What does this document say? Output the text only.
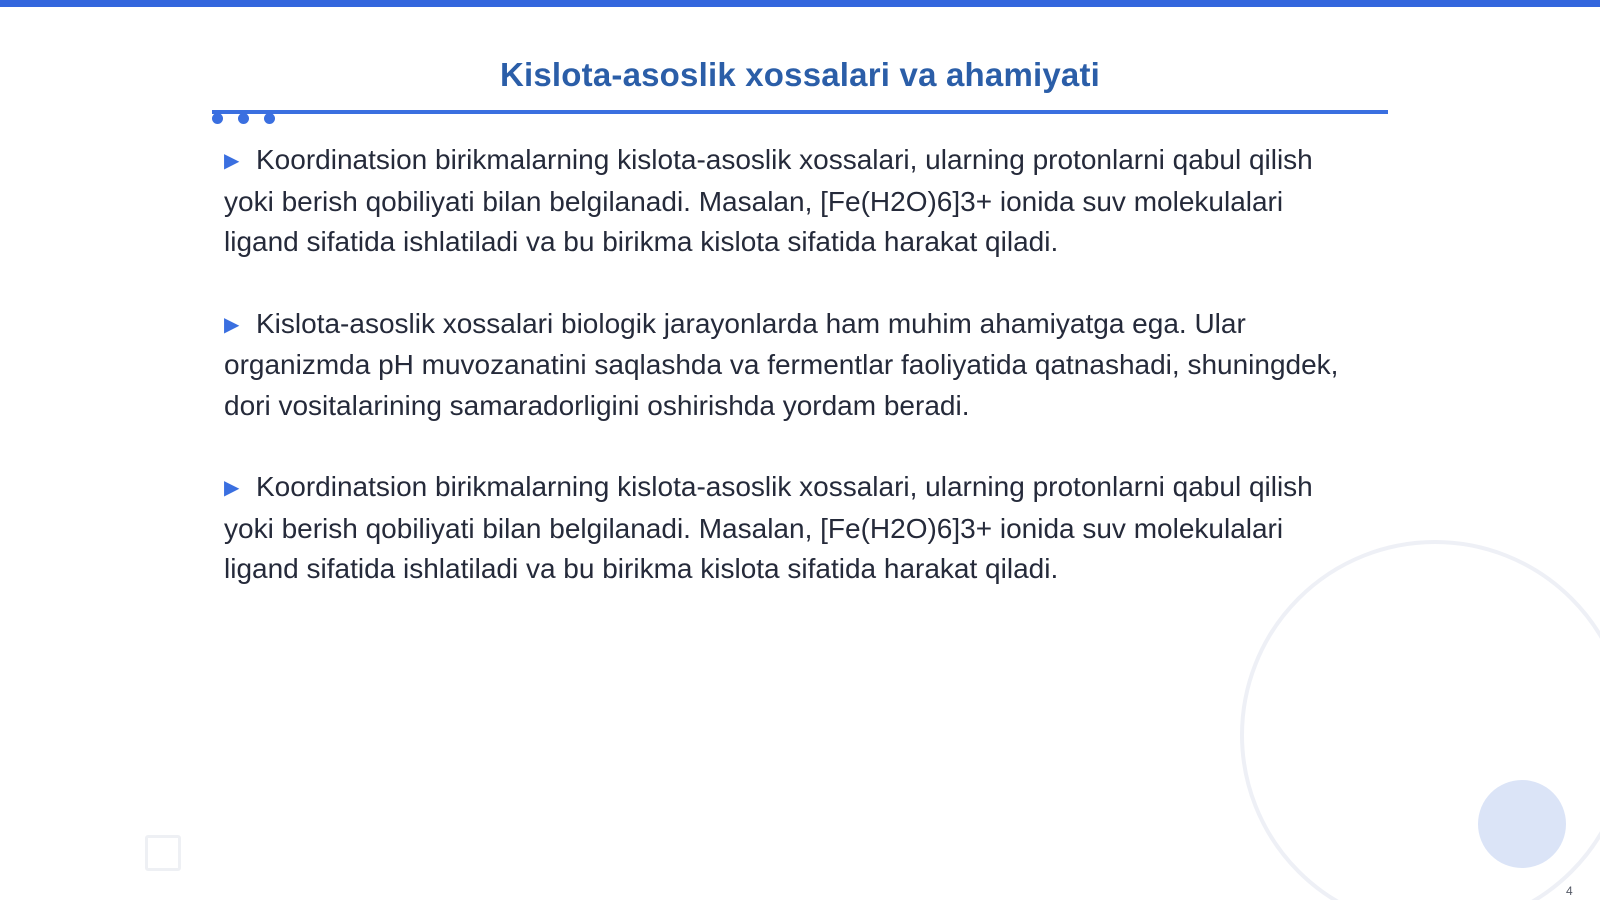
Kislota-asoslik xossalari va ahamiyati

▶ Koordinatsion birikmalarning kislota-asoslik xossalari, ularning protonlarni qabul qilish yoki berish qobiliyati bilan belgilanadi. Masalan, [Fe(H2O)6]3+ ionida suv molekulalari ligand sifatida ishlatiladi va bu birikma kislota sifatida harakat qiladi.

▶ Kislota-asoslik xossalari biologik jarayonlarda ham muhim ahamiyatga ega. Ular organizmda pH muvozanatini saqlashda va fermentlar faoliyatida qatnashadi, shuningdek, dori vositalarining samaradorligini oshirishda yordam beradi.

▶ Koordinatsion birikmalarning kislota-asoslik xossalari, ularning protonlarni qabul qilish yoki berish qobiliyati bilan belgilanadi. Masalan, [Fe(H2O)6]3+ ionida suv molekulalari ligand sifatida ishlatiladi va bu birikma kislota sifatida harakat qiladi.

4
